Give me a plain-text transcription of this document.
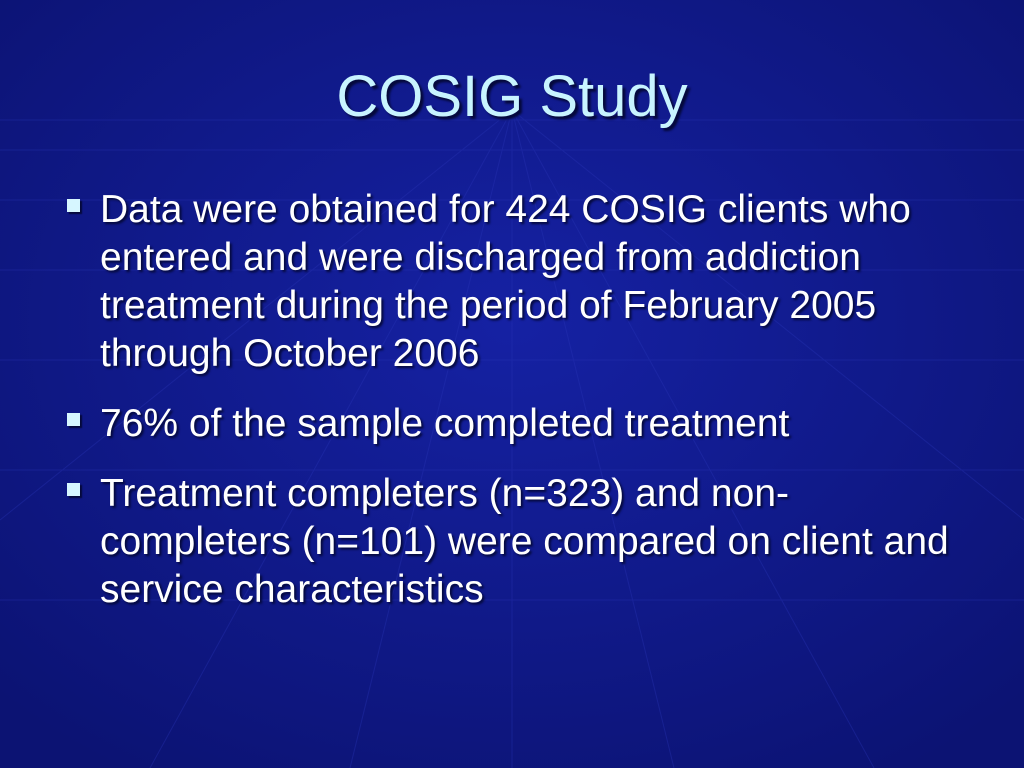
COSIG Study
Data were obtained for 424 COSIG clients who entered and were discharged from addiction treatment during the period of February 2005 through October 2006
76% of the sample completed treatment
Treatment completers (n=323) and non-completers (n=101) were compared on client and service characteristics
